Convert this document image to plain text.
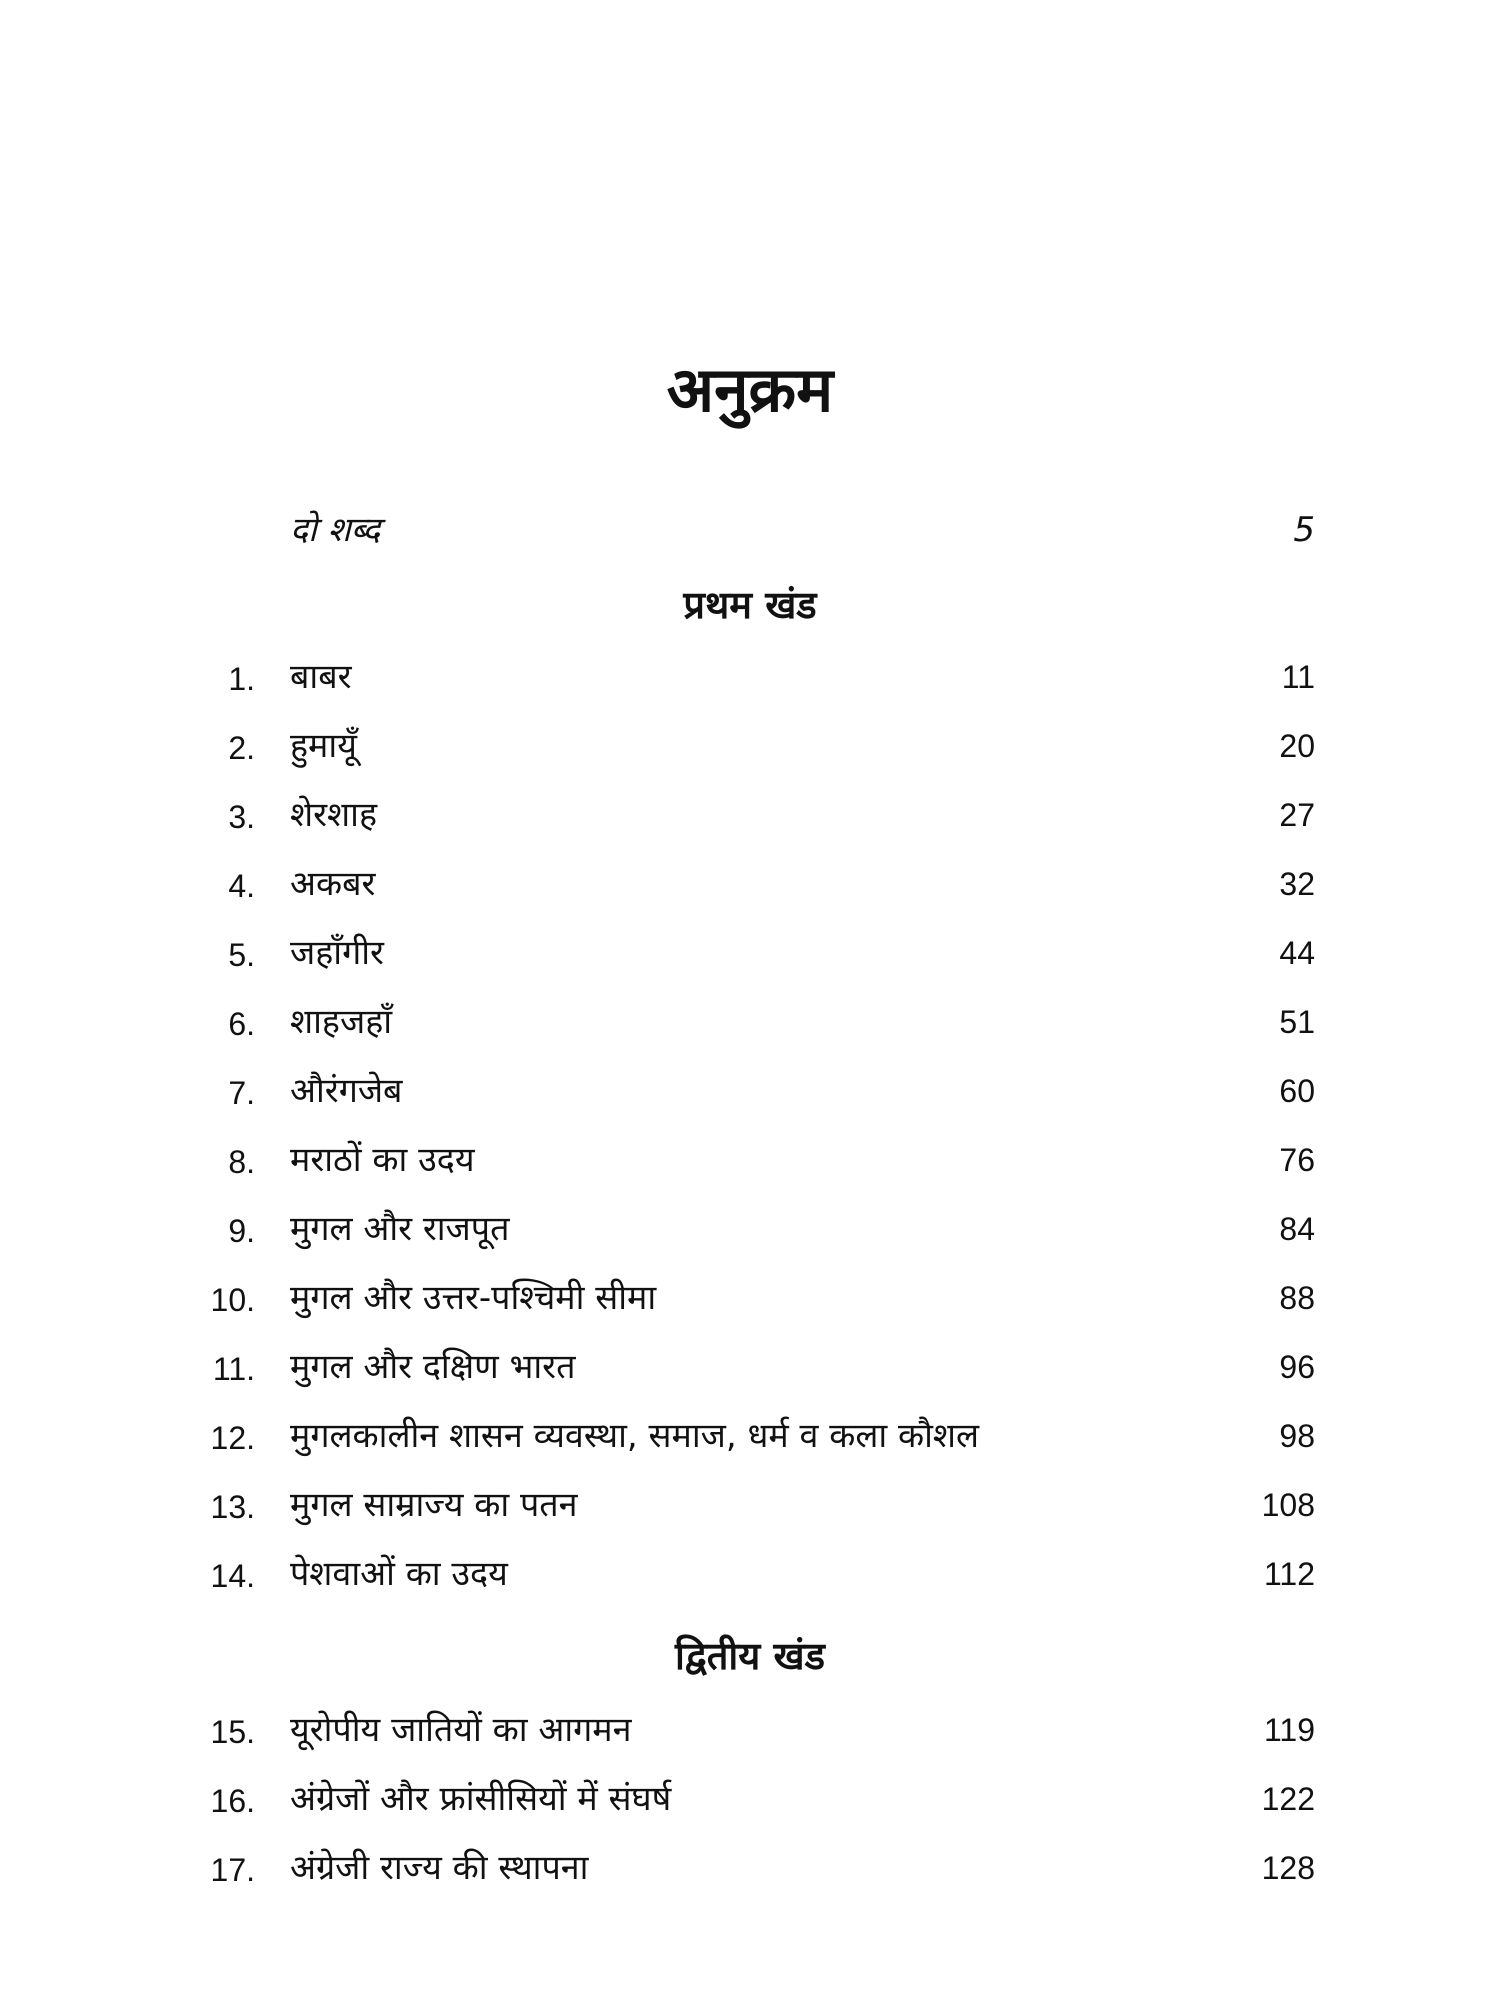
अनुक्रम
दो शब्द	5
प्रथम खंड
1. बाबर	11
2. हुमायूँ	20
3. शेरशाह	27
4. अकबर	32
5. जहाँगीर	44
6. शाहजहाँ	51
7. औरंगजेब	60
8. मराठों का उदय	76
9. मुगल और राजपूत	84
10. मुगल और उत्तर-पश्चिमी सीमा	88
11. मुगल और दक्षिण भारत	96
12. मुगलकालीन शासन व्यवस्था, समाज, धर्म व कला कौशल	98
13. मुगल साम्राज्य का पतन	108
14. पेशवाओं का उदय	112
द्वितीय खंड
15. यूरोपीय जातियों का आगमन	119
16. अंग्रेजों और फ्रांसीसियों में संघर्ष	122
17. अंग्रेजी राज्य की स्थापना	128
